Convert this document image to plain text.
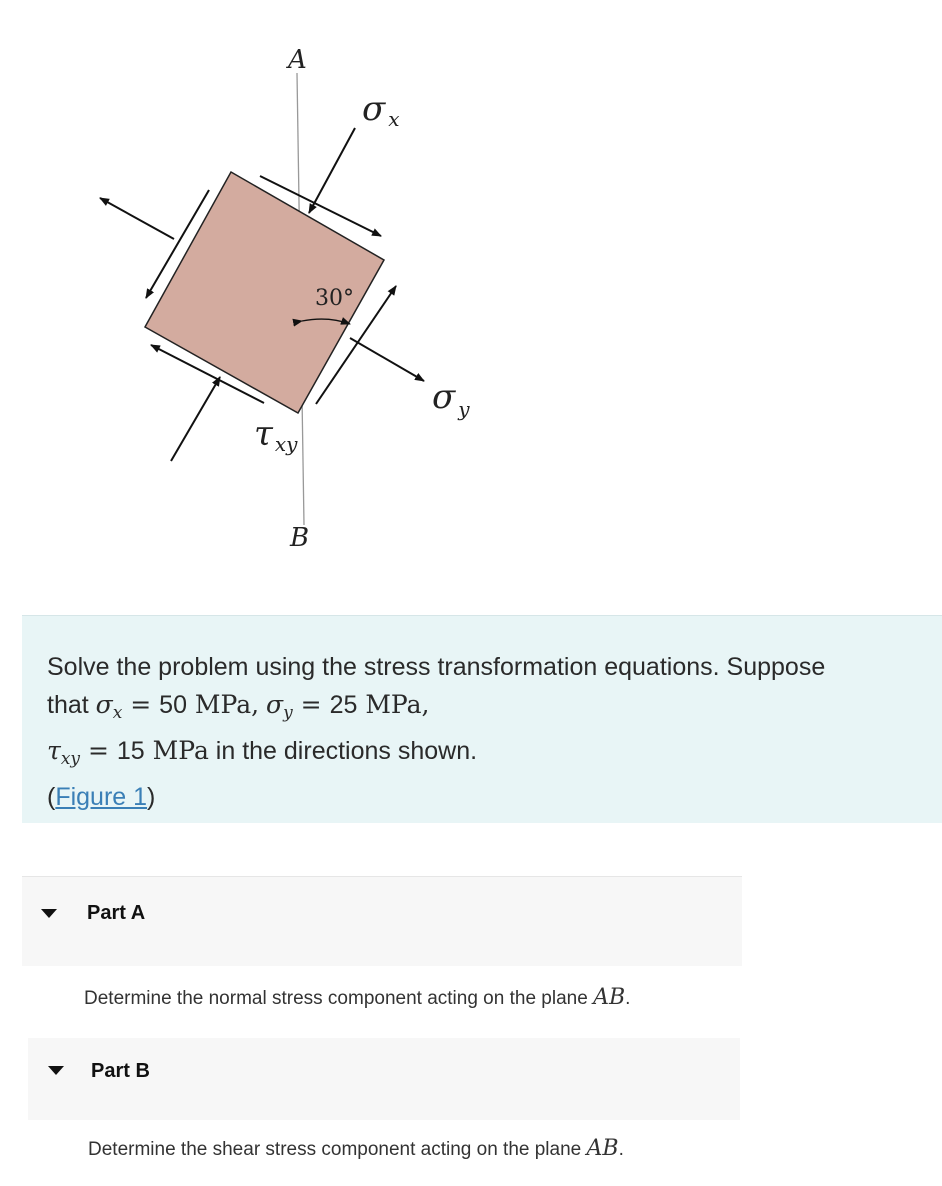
A
B
30°
σx
σ $_y$
τxy
Solve the problem using the stress transformation equations. Suppose
that $\sigma_x = 50$ MPa, $\sigma_y = 25$ MPa,
$\tau_{xy} = 15$ MPa in the directions shown.
(Figure 1)
Part A
Determine the normal stress component acting on the plane AB.
Part B
Determine the shear stress component acting on the plane AB.
